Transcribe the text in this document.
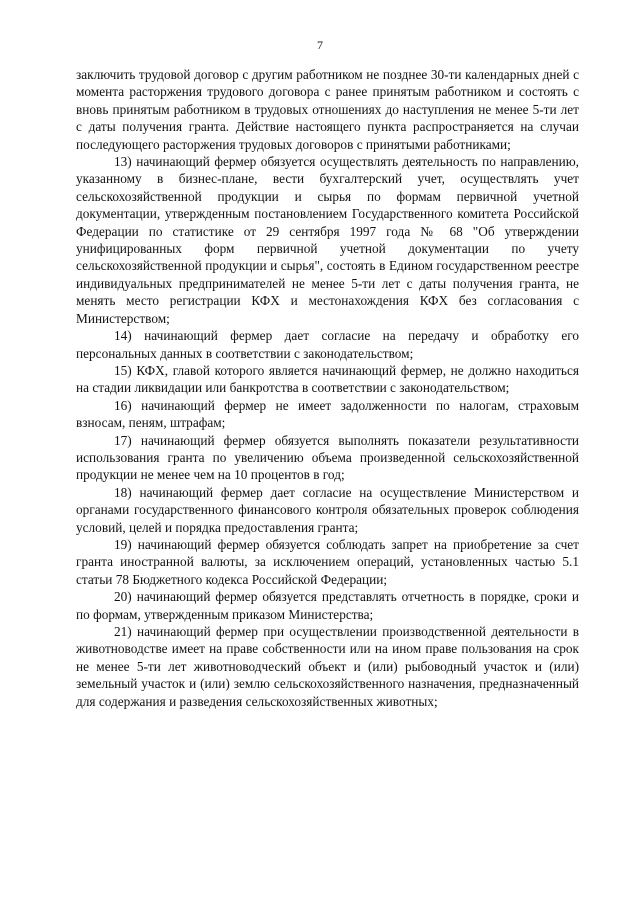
7

заключить трудовой договор с другим работником не позднее 30-ти календарных дней с момента расторжения трудового договора с ранее принятым работником и состоять с вновь принятым работником в трудовых отношениях до наступления не менее 5-ти лет с даты получения гранта. Действие настоящего пункта распространяется на случаи последующего расторжения трудовых договоров с принятыми работниками;

13) начинающий фермер обязуется осуществлять деятельность по направлению, указанному в бизнес-плане, вести бухгалтерский учет, осуществлять учет сельскохозяйственной продукции и сырья по формам первичной учетной документации, утвержденным постановлением Государственного комитета Российской Федерации по статистике от 29 сентября 1997 года № 68 "Об утверждении унифицированных форм первичной учетной документации по учету сельскохозяйственной продукции и сырья", состоять в Едином государственном реестре индивидуальных предпринимателей не менее 5-ти лет с даты получения гранта, не менять место регистрации КФХ и местонахождения КФХ без согласования с Министерством;

14) начинающий фермер дает согласие на передачу и обработку его персональных данных в соответствии с законодательством;

15) КФХ, главой которого является начинающий фермер, не должно находиться на стадии ликвидации или банкротства в соответствии с законодательством;

16) начинающий фермер не имеет задолженности по налогам, страховым взносам, пеням, штрафам;

17) начинающий фермер обязуется выполнять показатели результативности использования гранта по увеличению объема произведенной сельскохозяйственной продукции не менее чем на 10 процентов в год;

18) начинающий фермер дает согласие на осуществление Министерством и органами государственного финансового контроля обязательных проверок соблюдения условий, целей и порядка предоставления гранта;

19) начинающий фермер обязуется соблюдать запрет на приобретение за счет гранта иностранной валюты, за исключением операций, установленных частью 5.1 статьи 78 Бюджетного кодекса Российской Федерации;

20) начинающий фермер обязуется представлять отчетность в порядке, сроки и по формам, утвержденным приказом Министерства;

21) начинающий фермер при осуществлении производственной деятельности в животноводстве имеет на праве собственности или на ином праве пользования на срок не менее 5-ти лет животноводческий объект и (или) рыбоводный участок и (или) земельный участок и (или) землю сельскохозяйственного назначения, предназначенный для содержания и разведения сельскохозяйственных животных;
